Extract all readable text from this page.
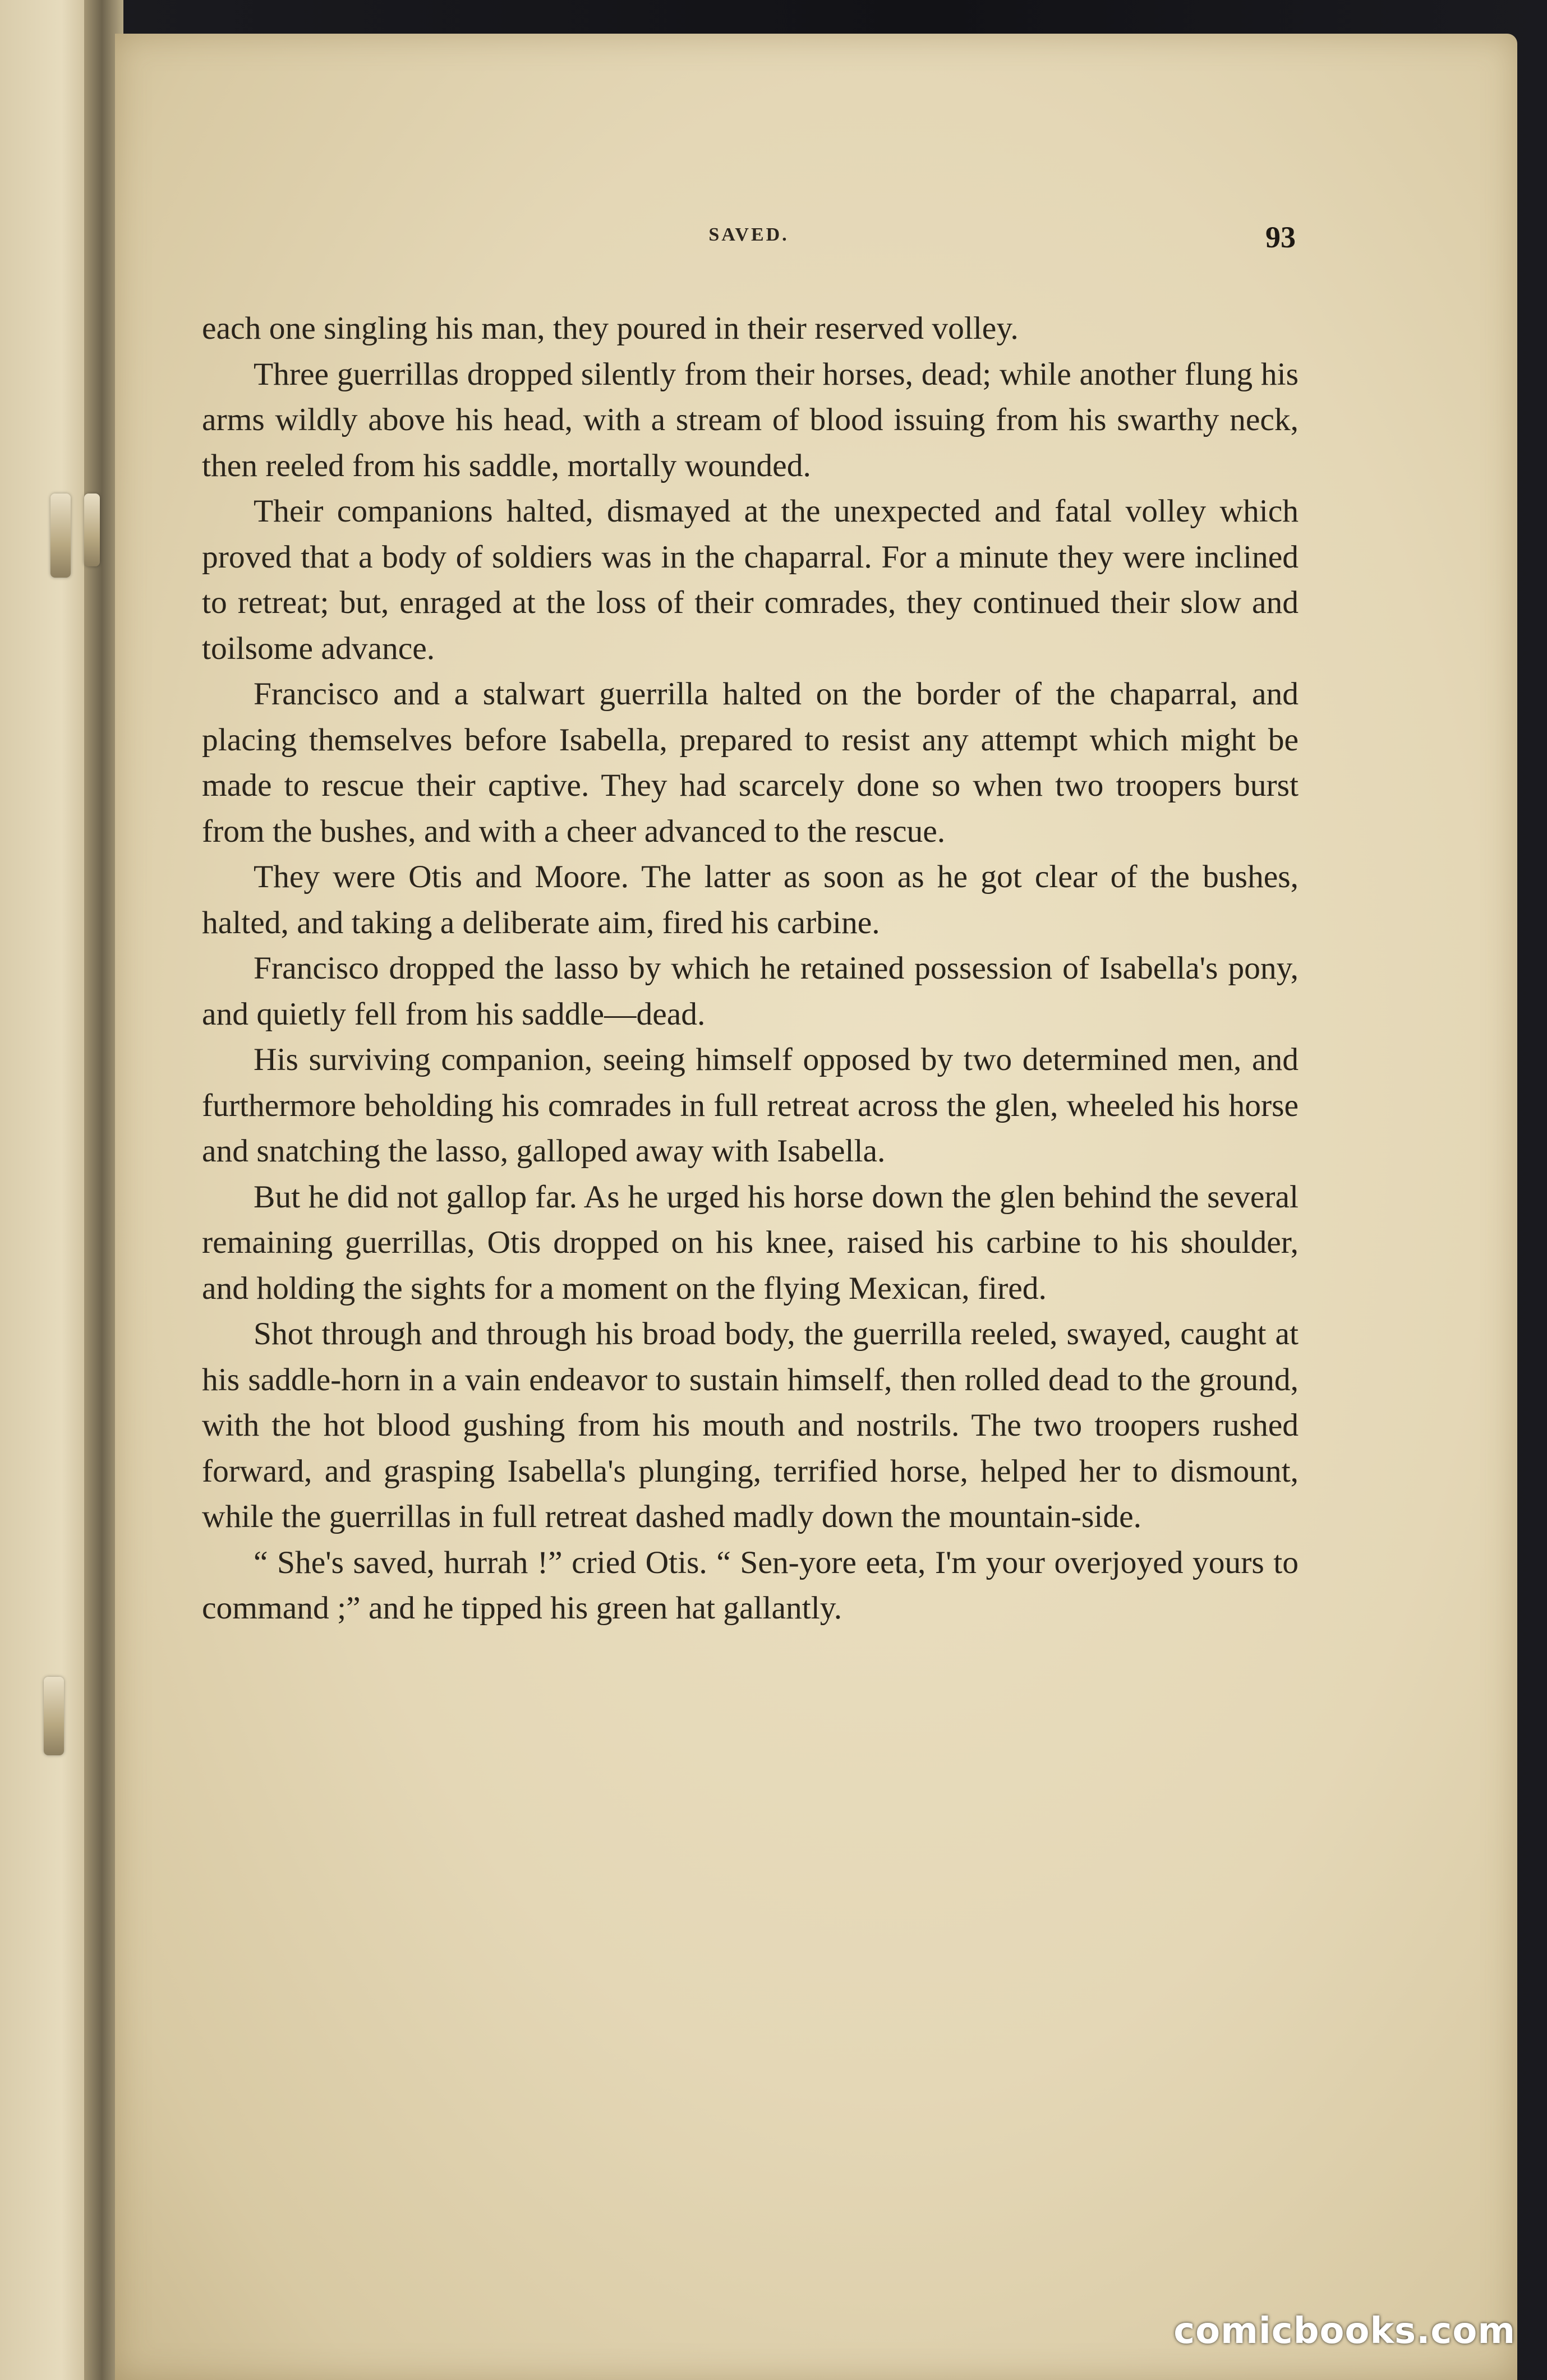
SAVED.	93

each one singling his man, they poured in their reserved volley.

Three guerrillas dropped silently from their horses, dead; while another flung his arms wildly above his head, with a stream of blood issuing from his swarthy neck, then reeled from his saddle, mortally wounded.

Their companions halted, dismayed at the unexpected and fatal volley which proved that a body of soldiers was in the chaparral. For a minute they were inclined to retreat; but, enraged at the loss of their comrades, they continued their slow and toilsome advance.

Francisco and a stalwart guerrilla halted on the border of the chaparral, and placing themselves before Isabella, prepared to resist any attempt which might be made to rescue their captive. They had scarcely done so when two troopers burst from the bushes, and with a cheer advanced to the rescue.

They were Otis and Moore. The latter as soon as he got clear of the bushes, halted, and taking a deliberate aim, fired his carbine.

Francisco dropped the lasso by which he retained possession of Isabella's pony, and quietly fell from his saddle—dead.

His surviving companion, seeing himself opposed by two determined men, and furthermore beholding his comrades in full retreat across the glen, wheeled his horse and snatching the lasso, galloped away with Isabella.

But he did not gallop far. As he urged his horse down the glen behind the several remaining guerrillas, Otis dropped on his knee, raised his carbine to his shoulder, and holding the sights for a moment on the flying Mexican, fired.

Shot through and through his broad body, the guerrilla reeled, swayed, caught at his saddle-horn in a vain endeavor to sustain himself, then rolled dead to the ground, with the hot blood gushing from his mouth and nostrils. The two troopers rushed forward, and grasping Isabella's plunging, terrified horse, helped her to dismount, while the guerrillas in full retreat dashed madly down the mountain-side.

“ She's saved, hurrah !” cried Otis. “ Sen-yore eeta, I'm your overjoyed yours to command ;” and he tipped his green hat gallantly.

comicbooks.com
